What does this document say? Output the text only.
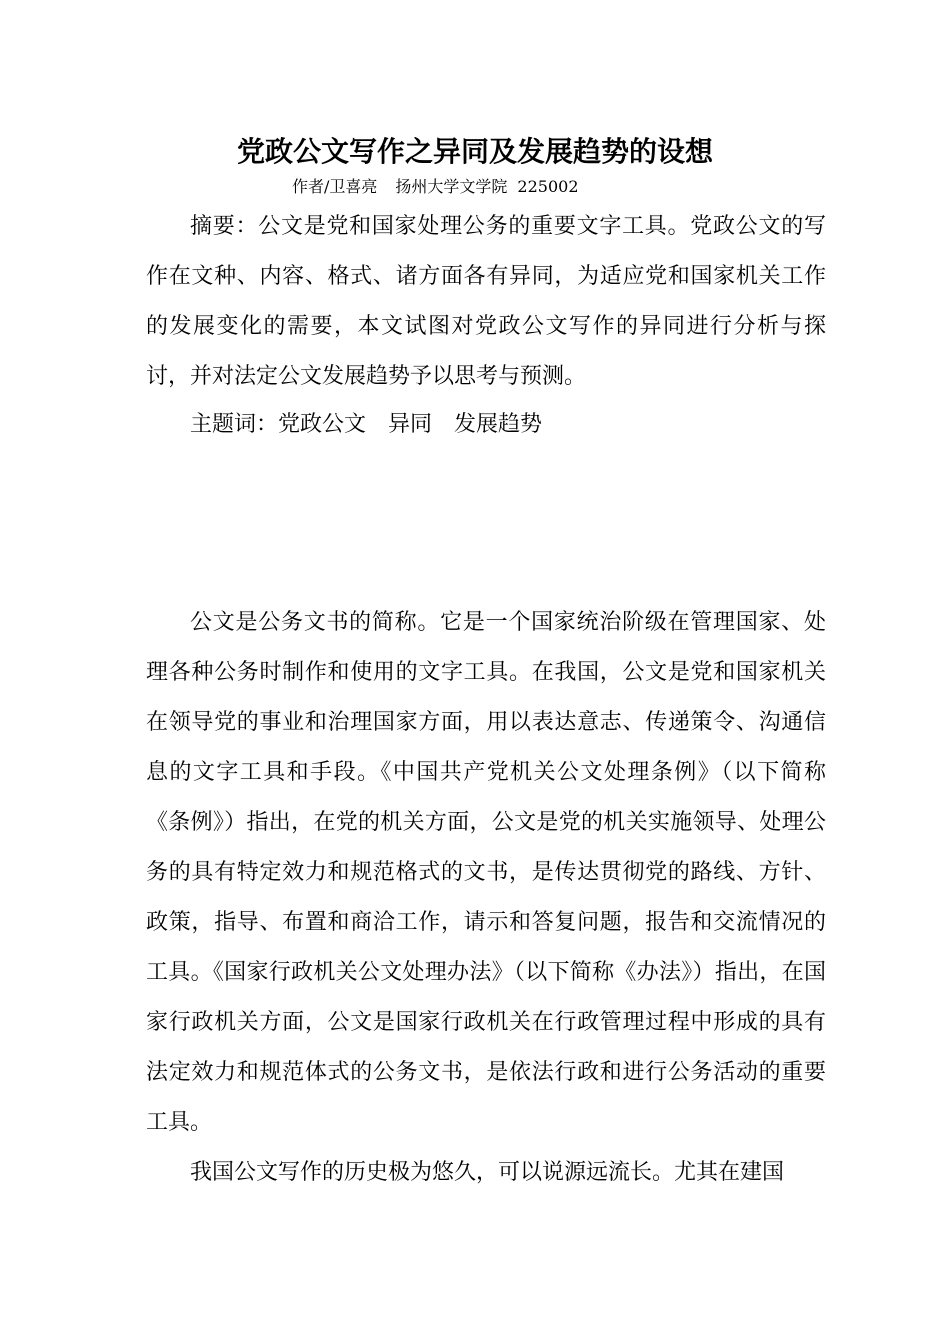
党政公文写作之异同及发展趋势的设想
作者/卫喜亮 扬州大学文学院 225002

摘要：公文是党和国家处理公务的重要文字工具。党政公文的写作在文种、内容、格式、诸方面各有异同，为适应党和国家机关工作的发展变化的需要，本文试图对党政公文写作的异同进行分析与探讨，并对法定公文发展趋势予以思考与预测。

主题词：党政公文 异同 发展趋势

公文是公务文书的简称。它是一个国家统治阶级在管理国家、处理各种公务时制作和使用的文字工具。在我国，公文是党和国家机关在领导党的事业和治理国家方面，用以表达意志、传递策令、沟通信息的文字工具和手段。《中国共产党机关公文处理条例》（以下简称《条例》）指出，在党的机关方面，公文是党的机关实施领导、处理公务的具有特定效力和规范格式的文书，是传达贯彻党的路线、方针、政策，指导、布置和商洽工作，请示和答复问题，报告和交流情况的工具。《国家行政机关公文处理办法》（以下简称《办法》）指出，在国家行政机关方面，公文是国家行政机关在行政管理过程中形成的具有法定效力和规范体式的公务文书，是依法行政和进行公务活动的重要工具。

我国公文写作的历史极为悠久，可以说源远流长。尤其在建国
